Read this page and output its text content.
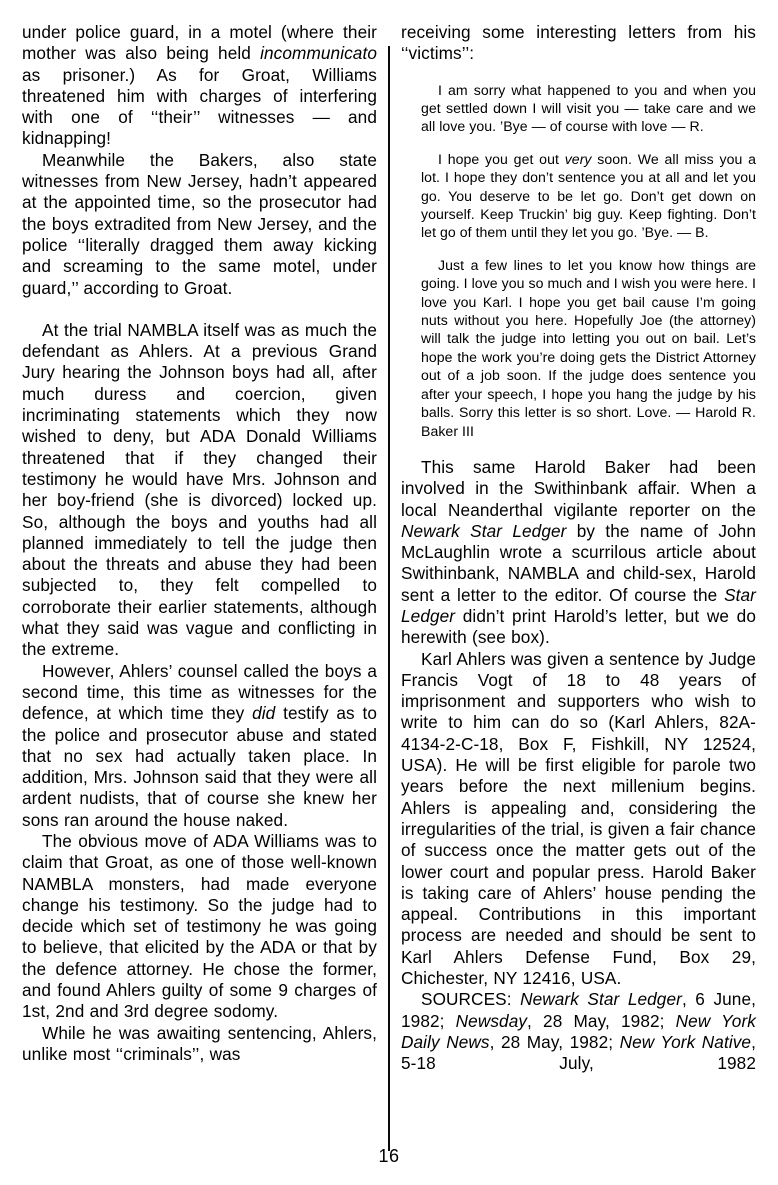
under police guard, in a motel (where their mother was also being held incommunicato as prisoner.) As for Groat, Williams threatened him with charges of interfering with one of ‘‘their’’ witnesses — and kidnapping!

Meanwhile the Bakers, also state witnesses from New Jersey, hadn’t appeared at the appointed time, so the prosecutor had the boys extradited from New Jersey, and the police ‘‘literally dragged them away kicking and screaming to the same motel, under guard,’’ according to Groat.

At the trial NAMBLA itself was as much the defendant as Ahlers. At a previous Grand Jury hearing the Johnson boys had all, after much duress and coercion, given incriminating statements which they now wished to deny, but ADA Donald Williams threatened that if they changed their testimony he would have Mrs. Johnson and her boy-friend (she is divorced) locked up. So, although the boys and youths had all planned immediately to tell the judge then about the threats and abuse they had been subjected to, they felt compelled to corroborate their earlier statements, although what they said was vague and conflicting in the extreme.

However, Ahlers’ counsel called the boys a second time, this time as witnesses for the defence, at which time they did testify as to the police and prosecutor abuse and stated that no sex had actually taken place. In addition, Mrs. Johnson said that they were all ardent nudists, that of course she knew her sons ran around the house naked.

The obvious move of ADA Williams was to claim that Groat, as one of those well-known NAMBLA monsters, had made everyone change his testimony. So the judge had to decide which set of testimony he was going to believe, that elicited by the ADA or that by the defence attorney. He chose the former, and found Ahlers guilty of some 9 charges of 1st, 2nd and 3rd degree sodomy.

While he was awaiting sentencing, Ahlers, unlike most ‘‘criminals’’, was

receiving some interesting letters from his ‘‘victims’’:

I am sorry what happened to you and when you get settled down I will visit you — take care and we all love you. ’Bye — of course with love — R.

I hope you get out very soon. We all miss you a lot. I hope they don’t sentence you at all and let you go. You deserve to be let go. Don’t get down on yourself. Keep Truckin’ big guy. Keep fighting. Don’t let go of them until they let you go. ’Bye. — B.

Just a few lines to let you know how things are going. I love you so much and I wish you were here. I love you Karl. I hope you get bail cause I’m going nuts without you here. Hopefully Joe (the attorney) will talk the judge into letting you out on bail. Let’s hope the work you’re doing gets the District Attorney out of a job soon. If the judge does sentence you after your speech, I hope you hang the judge by his balls. Sorry this letter is so short. Love. — Harold R. Baker III

This same Harold Baker had been involved in the Swithinbank affair. When a local Neanderthal vigilante reporter on the Newark Star Ledger by the name of John McLaughlin wrote a scurrilous article about Swithinbank, NAMBLA and child-sex, Harold sent a letter to the editor. Of course the Star Ledger didn’t print Harold’s letter, but we do herewith (see box).

Karl Ahlers was given a sentence by Judge Francis Vogt of 18 to 48 years of imprisonment and supporters who wish to write to him can do so (Karl Ahlers, 82A-4134-2-C-18, Box F, Fishkill, NY 12524, USA). He will be first eligible for parole two years before the next millenium begins. Ahlers is appealing and, considering the irregularities of the trial, is given a fair chance of success once the matter gets out of the lower court and popular press. Harold Baker is taking care of Ahlers’ house pending the appeal. Contributions in this important process are needed and should be sent to Karl Ahlers Defense Fund, Box 29, Chichester, NY 12416, USA.

SOURCES: Newark Star Ledger, 6 June, 1982; Newsday, 28 May, 1982; New York Daily News, 28 May, 1982; New York Native, 5-18 July, 1982

16
